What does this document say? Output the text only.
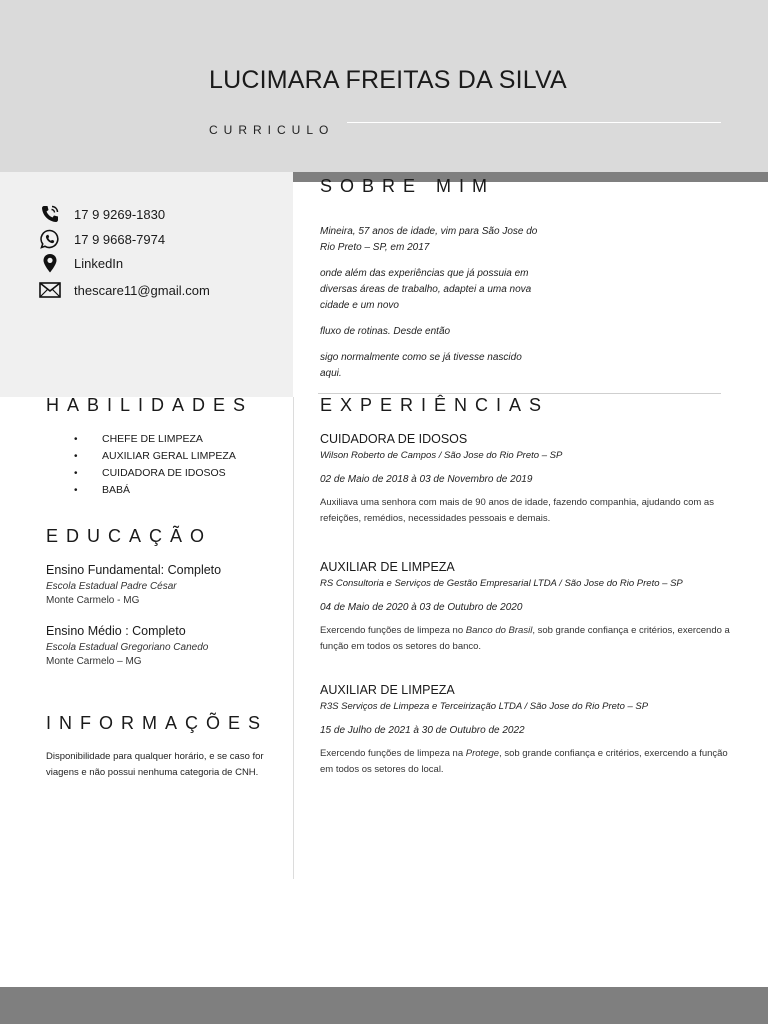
LUCIMARA FREITAS DA SILVA
CURRICULO
17 9 9269-1830
17 9 9668-7974
LinkedIn
thescare11@gmail.com
SOBRE MIM

Mineira, 57 anos de idade, vim para São Jose do Rio Preto – SP, em 2017

onde além das experiências que já possuia em diversas áreas de trabalho, adaptei a uma nova cidade e um novo

fluxo de rotinas. Desde então

sigo normalmente como se já tivesse nascido aqui.

HABILIDADES
• CHEFE DE LIMPEZA
• AUXILIAR GERAL LIMPEZA
• CUIDADORA DE IDOSOS
• BABÁ
EDUCAÇÃO
Ensino Fundamental: Completo
Escola Estadual Padre César
Monte Carmelo - MG
Ensino Médio : Completo
Escola Estadual Gregoriano Canedo
Monte Carmelo – MG
INFORMAÇÕES
Disponibilidade para qualquer horário, e se caso for viagens e não possui nenhuma categoria de CNH.
EXPERIÊNCIAS
CUIDADORA DE IDOSOS
Wilson Roberto de Campos / São Jose do Rio Preto – SP
02 de Maio de 2018 à 03 de Novembro de 2019
Auxiliava uma senhora com mais de 90 anos de idade, fazendo companhia, ajudando com as refeições, remédios, necessidades pessoais e demais.
AUXILIAR DE LIMPEZA
RS Consultoria e Serviços de Gestão Empresarial LTDA / São Jose do Rio Preto – SP
04 de Maio de 2020 à 03 de Outubro de 2020
Exercendo funções de limpeza no Banco do Brasil, sob grande confiança e critérios, exercendo a função em todos os setores do banco.
AUXILIAR DE LIMPEZA
R3S Serviços de Limpeza e Terceirização LTDA / São Jose do Rio Preto – SP
15 de Julho de 2021 à 30 de Outubro de 2022
Exercendo funções de limpeza na Protege, sob grande confiança e critérios, exercendo a função em todos os setores do local.
